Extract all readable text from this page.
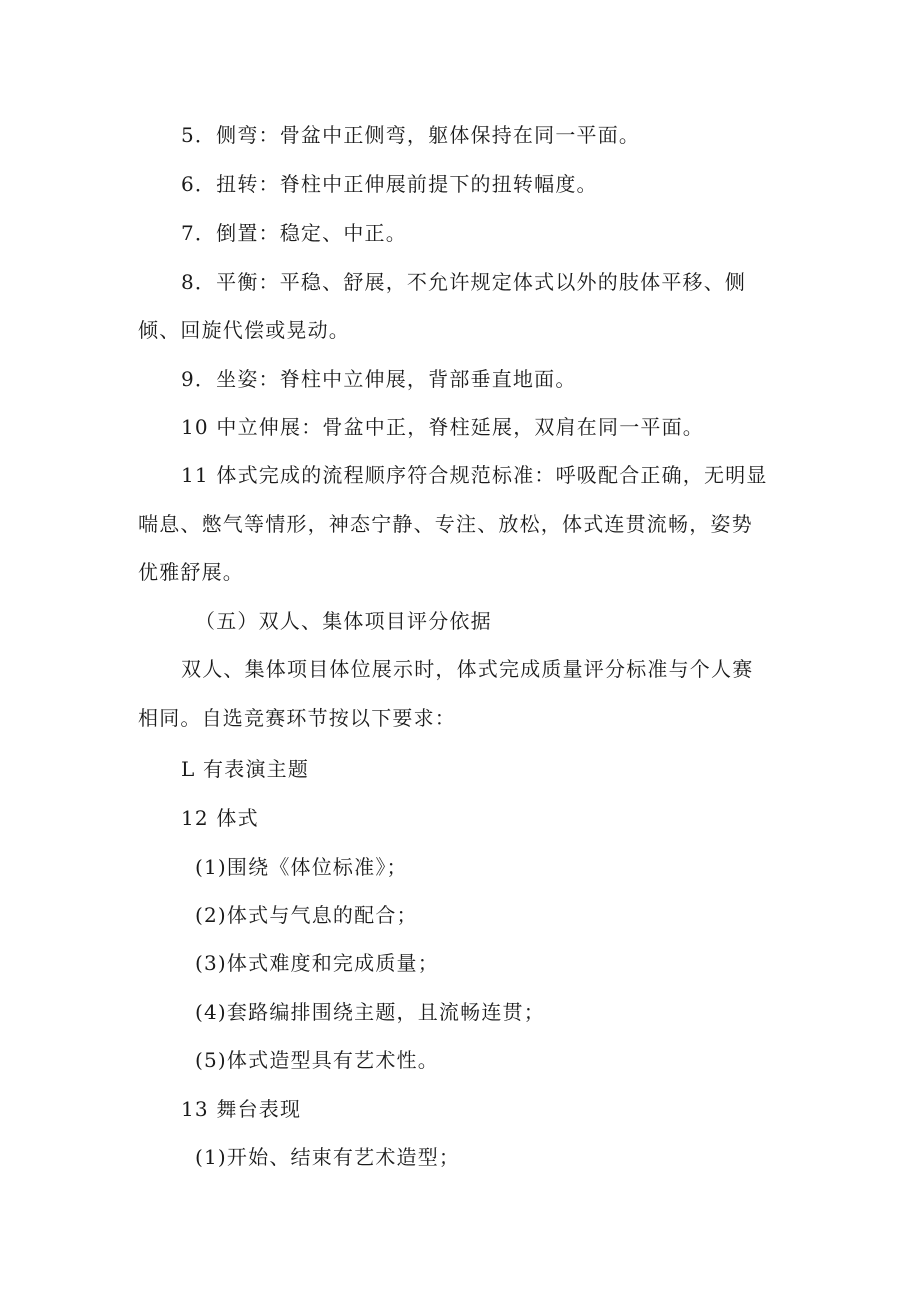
5．侧弯：骨盆中正侧弯，躯体保持在同一平面。

6．扭转：脊柱中正伸展前提下的扭转幅度。

7．倒置：稳定、中正。

8．平衡：平稳、舒展，不允许规定体式以外的肢体平移、侧

倾、回旋代偿或晃动。

9．坐姿：脊柱中立伸展，背部垂直地面。

10 中立伸展：骨盆中正，脊柱延展，双肩在同一平面。

11 体式完成的流程顺序符合规范标准：呼吸配合正确，无明显

喘息、憋气等情形，神态宁静、专注、放松，体式连贯流畅，姿势

优雅舒展。

（五）双人、集体项目评分依据

双人、集体项目体位展示时，体式完成质量评分标准与个人赛

相同。自选竞赛环节按以下要求：

L 有表演主题

12 体式

(1)围绕《体位标准》；

(2)体式与气息的配合；

(3)体式难度和完成质量；

(4)套路编排围绕主题，且流畅连贯；

(5)体式造型具有艺术性。

13 舞台表现

(1)开始、结束有艺术造型；
